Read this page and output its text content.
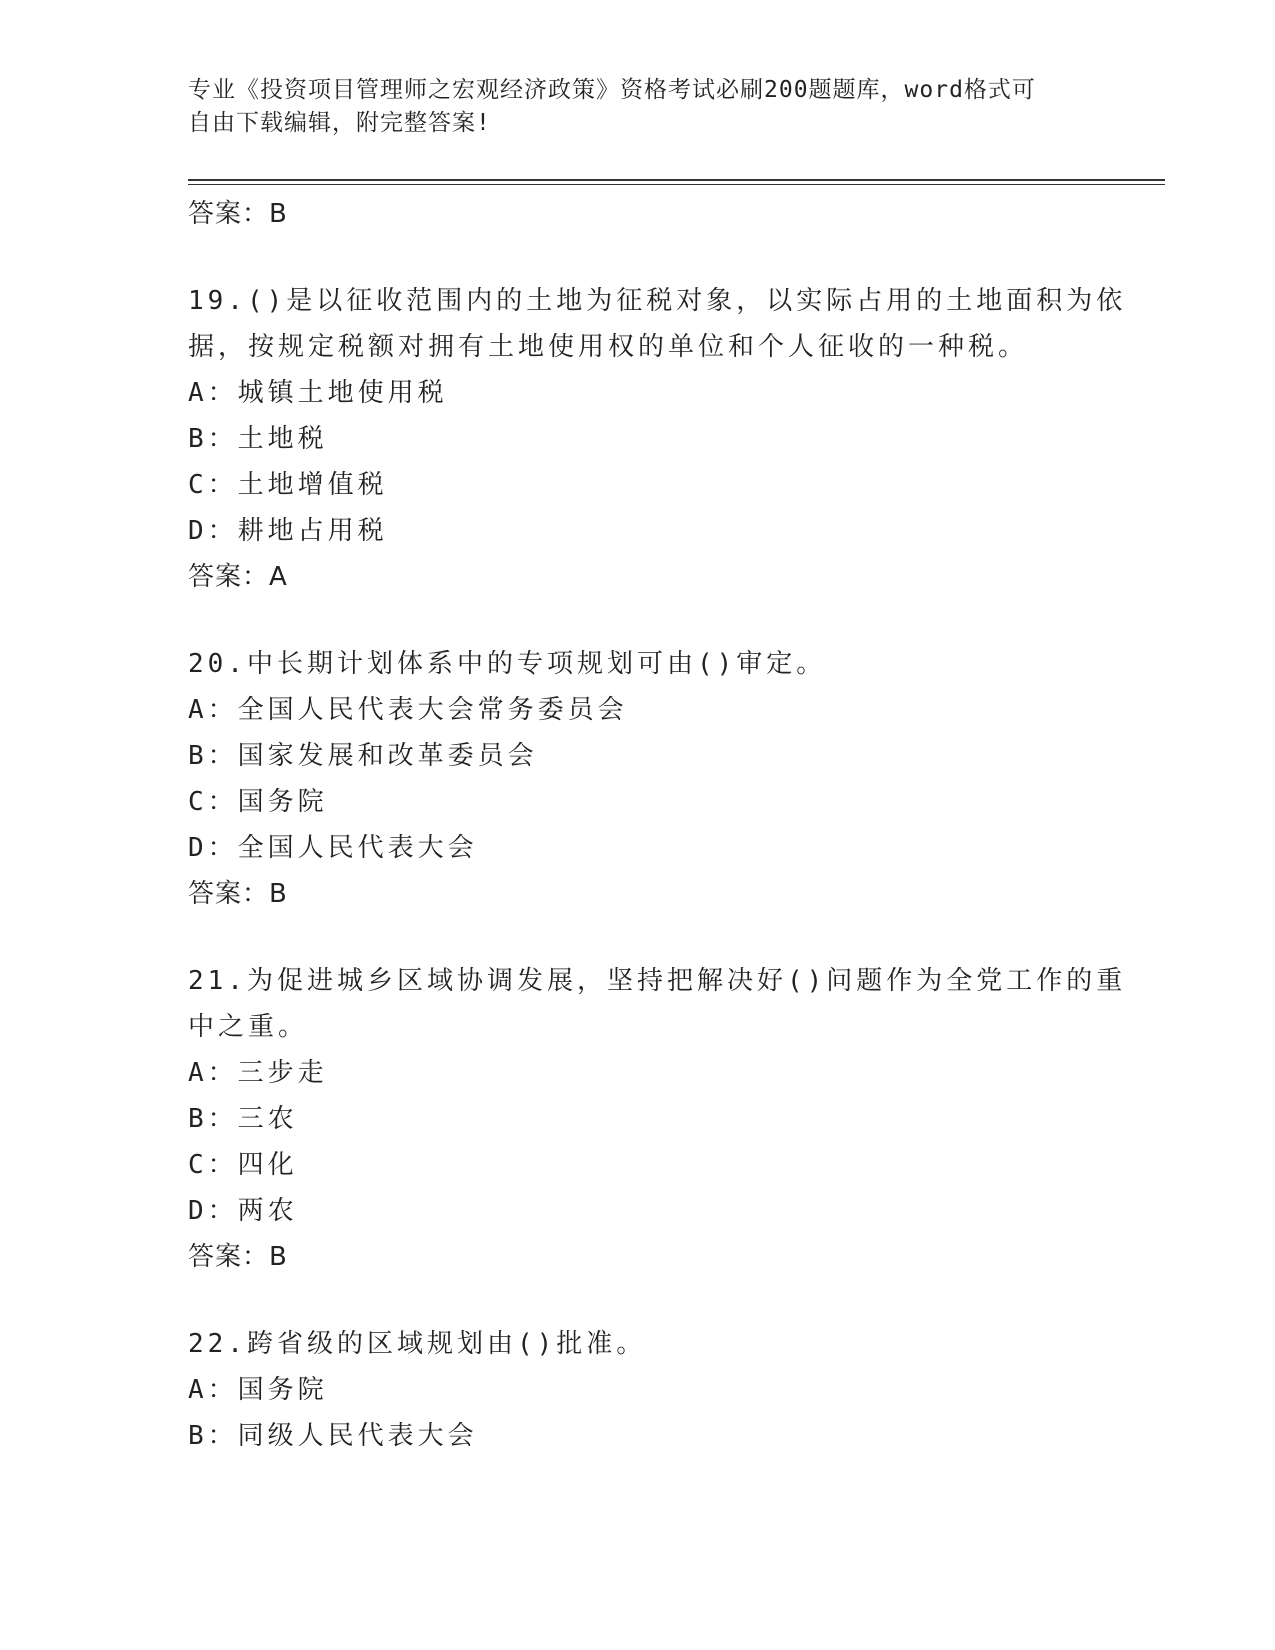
专业《投资项目管理师之宏观经济政策》资格考试必刷200题题库，word格式可
自由下载编辑，附完整答案!
答案：B
19.()是以征收范围内的土地为征税对象，以实际占用的土地面积为依
据，按规定税额对拥有土地使用权的单位和个人征收的一种税。
A：城镇土地使用税
B：土地税
C：土地增值税
D：耕地占用税
答案：A
20.中长期计划体系中的专项规划可由()审定。
A：全国人民代表大会常务委员会
B：国家发展和改革委员会
C：国务院
D：全国人民代表大会
答案：B
21.为促进城乡区域协调发展，坚持把解决好()问题作为全党工作的重
中之重。
A：三步走
B：三农
C：四化
D：两农
答案：B
22.跨省级的区域规划由()批准。
A：国务院
B：同级人民代表大会
